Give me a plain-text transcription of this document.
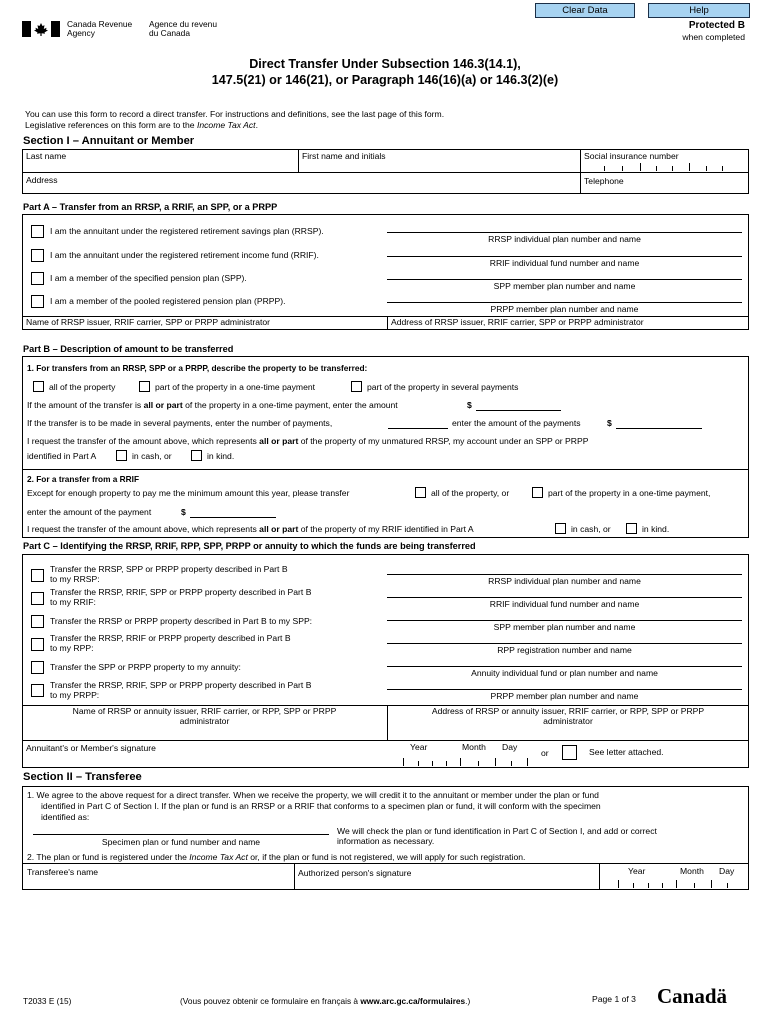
Clear Data	Help
Canada Revenue
Agency
Agence du revenu
du Canada
Protected B
when completed
Direct Transfer Under Subsection 146.3(14.1),
147.5(21) or 146(21), or Paragraph 146(16)(a) or 146.3(2)(e)
You can use this form to record a direct transfer. For instructions and definitions, see the last page of this form.
Legislative references on this form are to the Income Tax Act.
Section I – Annuitant or Member
Last name	First name and initials	Social insurance number
Address	Telephone
Part A – Transfer from an RRSP, a RRIF, an SPP, or a PRPP
I am the annuitant under the registered retirement savings plan (RRSP).
RRSP individual plan number and name
I am the annuitant under the registered retirement income fund (RRIF).
RRIF individual fund number and name
I am a member of the specified pension plan (SPP).
SPP member plan number and name
I am a member of the pooled registered pension plan (PRPP).
PRPP member plan number and name
Name of RRSP issuer, RRIF carrier, SPP or PRPP administrator	Address of RRSP issuer, RRIF carrier, SPP or PRPP administrator
Part B – Description of amount to be transferred
1. For transfers from an RRSP, SPP or a PRPP, describe the property to be transferred:
all of the property	part of the property in a one-time payment	part of the property in several payments
If the amount of the transfer is all or part of the property in a one-time payment, enter the amount	$
If the transfer is to be made in several payments, enter the number of payments,	enter the amount of the payments	$
I request the transfer of the amount above, which represents all or part of the property of my unmatured RRSP, my account under an SPP or PRPP
identified in Part A	in cash, or	in kind.
2. For a transfer from a RRIF
Except for enough property to pay me the minimum amount this year, please transfer	all of the property, or	part of the property in a one-time payment,
enter the amount of the payment	$
I request the transfer of the amount above, which represents all or part of the property of my RRIF identified in Part A	in cash, or	in kind.
Part C – Identifying the RRSP, RRIF, RPP, SPP, PRPP or annuity to which the funds are being transferred
Transfer the RRSP, SPP or PRPP property described in Part B
to my RRSP:	RRSP individual plan number and name
Transfer the RRSP, RRIF, SPP or PRPP property described in Part B
to my RRIF:	RRIF individual fund number and name
Transfer the RRSP or PRPP property described in Part B to my SPP:
SPP member plan number and name
Transfer the RRSP, RRIF or PRPP property described in Part B
to my RPP:	RPP registration number and name
Transfer the SPP or PRPP property to my annuity:
Annuity individual fund or plan number and name
Transfer the RRSP, RRIF, SPP or PRPP property described in Part B
to my PRPP:	PRPP member plan number and name
Name of RRSP or annuity issuer, RRIF carrier, or RPP, SPP or PRPP
administrator
Address of RRSP or annuity issuer, RRIF carrier, or RPP, SPP or PRPP
administrator
Annuitant's or Member's signature	Year	Month Day
or	See letter attached.
Section II – Transferee
1. We agree to the above request for a direct transfer. When we receive the property, we will credit it to the annuitant or member under the plan or fund
identified in Part C of Section I. If the plan or fund is an RRSP or a RRIF that conforms to a specimen plan or fund, it will conform with the specimen
identified as:
Specimen plan or fund number and name
We will check the plan or fund identification in Part C of Section I, and add or correct
information as necessary.
2. The plan or fund is registered under the Income Tax Act or, if the plan or fund is not registered, we will apply for such registration.
Transferee's name	Authorized person's signature	Year	Month Day
T2033 E (15)	(Vous pouvez obtenir ce formulaire en français à www.arc.gc.ca/formulaires.)	Page 1 of 3 Canadä
